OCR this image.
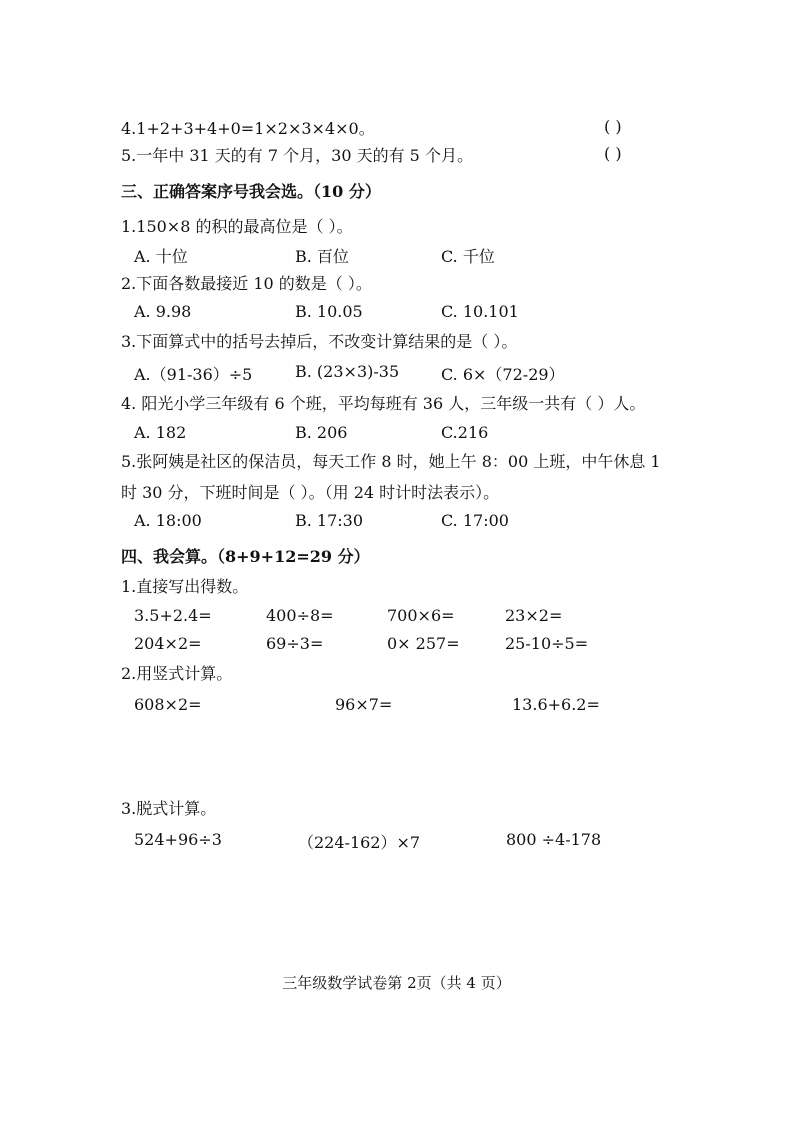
4.1+2+3+4+0=1×2×3×4×0。	( )
5.一年中 31 天的有 7 个月，30 天的有 5 个月。	( )
三、正确答案序号我会选。（10 分）
1.150×8 的积的最高位是（ ）。
A. 十位	B. 百位	C. 千位
2.下面各数最接近 10 的数是（ ）。
A. 9.98	B. 10.05	C. 10.101
3.下面算式中的括号去掉后，不改变计算结果的是（ ）。
A.（91-36）÷5	B. (23×3)-35	C. 6×（72-29）
4. 阳光小学三年级有 6 个班，平均每班有 36 人，三年级一共有（ ）人。
A. 182	B. 206	C.216
5.张阿姨是社区的保洁员，每天工作 8 时，她上午 8：00 上班，中午休息 1
时 30 分，下班时间是（ ）。（用 24 时计时法表示）。
A. 18:00	B. 17:30	C. 17:00
四、我会算。（8+9+12=29 分）
1.直接写出得数。
3.5+2.4=	400÷8=	700×6=	23×2=
204×2=	69÷3=	0× 257=	25-10÷5=
2.用竖式计算。
608×2=	96×7=	13.6+6.2=
3.脱式计算。
524+96÷3	（224-162）×7	800 ÷4-178
三年级数学试卷第 2页（共 4 页）
